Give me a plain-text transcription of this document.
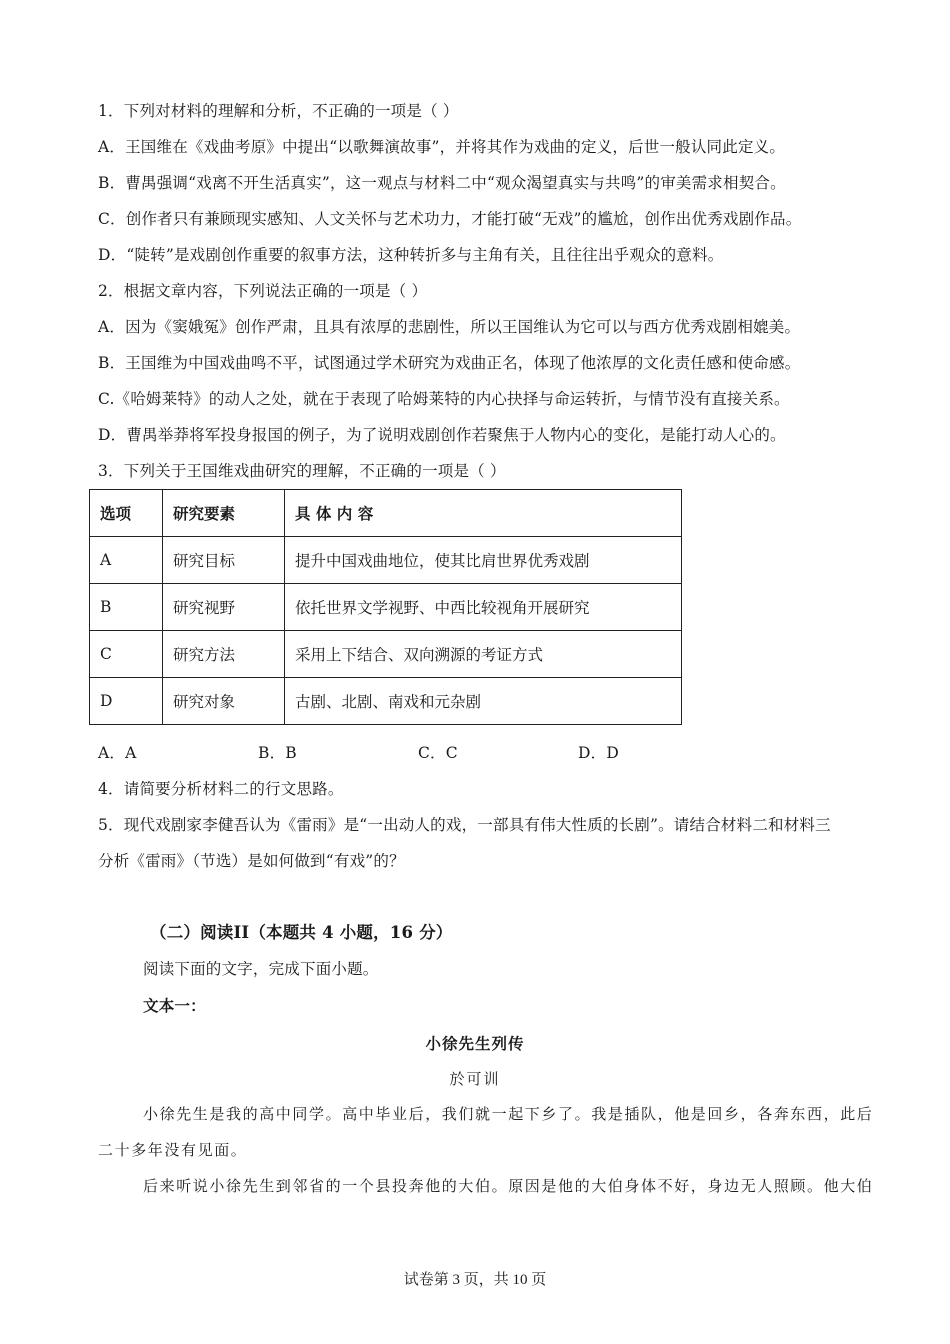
1．下列对材料的理解和分析，不正确的一项是（ ）
A．王国维在《戏曲考原》中提出“以歌舞演故事”，并将其作为戏曲的定义，后世一般认同此定义。
B．曹禺强调“戏离不开生活真实”，这一观点与材料二中“观众渴望真实与共鸣”的审美需求相契合。
C．创作者只有兼顾现实感知、人文关怀与艺术功力，才能打破“无戏”的尴尬，创作出优秀戏剧作品。
D．“陡转”是戏剧创作重要的叙事方法，这种转折多与主角有关，且往往出乎观众的意料。
2．根据文章内容，下列说法正确的一项是（ ）
A．因为《窦娥冤》创作严肃，且具有浓厚的悲剧性，所以王国维认为它可以与西方优秀戏剧相媲美。
B．王国维为中国戏曲鸣不平，试图通过学术研究为戏曲正名，体现了他浓厚的文化责任感和使命感。
C.《哈姆莱特》的动人之处，就在于表现了哈姆莱特的内心抉择与命运转折，与情节没有直接关系。
D．曹禺举莽将军投身报国的例子，为了说明戏剧创作若聚焦于人物内心的变化，是能打动人心的。
3．下列关于王国维戏曲研究的理解，不正确的一项是（ ）
选项	研究要素	具 体 内 容
A	研究目标	提升中国戏曲地位，使其比肩世界优秀戏剧
B	研究视野	依托世界文学视野、中西比较视角开展研究
C	研究方法	采用上下结合、双向溯源的考证方式
D	研究对象	古剧、北剧、南戏和元杂剧
A．A	B．B	C．C	D．D
4．请简要分析材料二的行文思路。
5．现代戏剧家李健吾认为《雷雨》是“一出动人的戏，一部具有伟大性质的长剧”。请结合材料二和材料三
分析《雷雨》（节选）是如何做到“有戏”的？
（二）阅读II（本题共 4 小题，16 分）
阅读下面的文字，完成下面小题。
文本一：
小徐先生列传
於可训
小徐先生是我的高中同学。高中毕业后，我们就一起下乡了。我是插队，他是回乡，各奔东西，此后
二十多年没有见面。
后来听说小徐先生到邻省的一个县投奔他的大伯。原因是他的大伯身体不好，身边无人照顾。他大伯
试卷第 3 页，共 10 页
